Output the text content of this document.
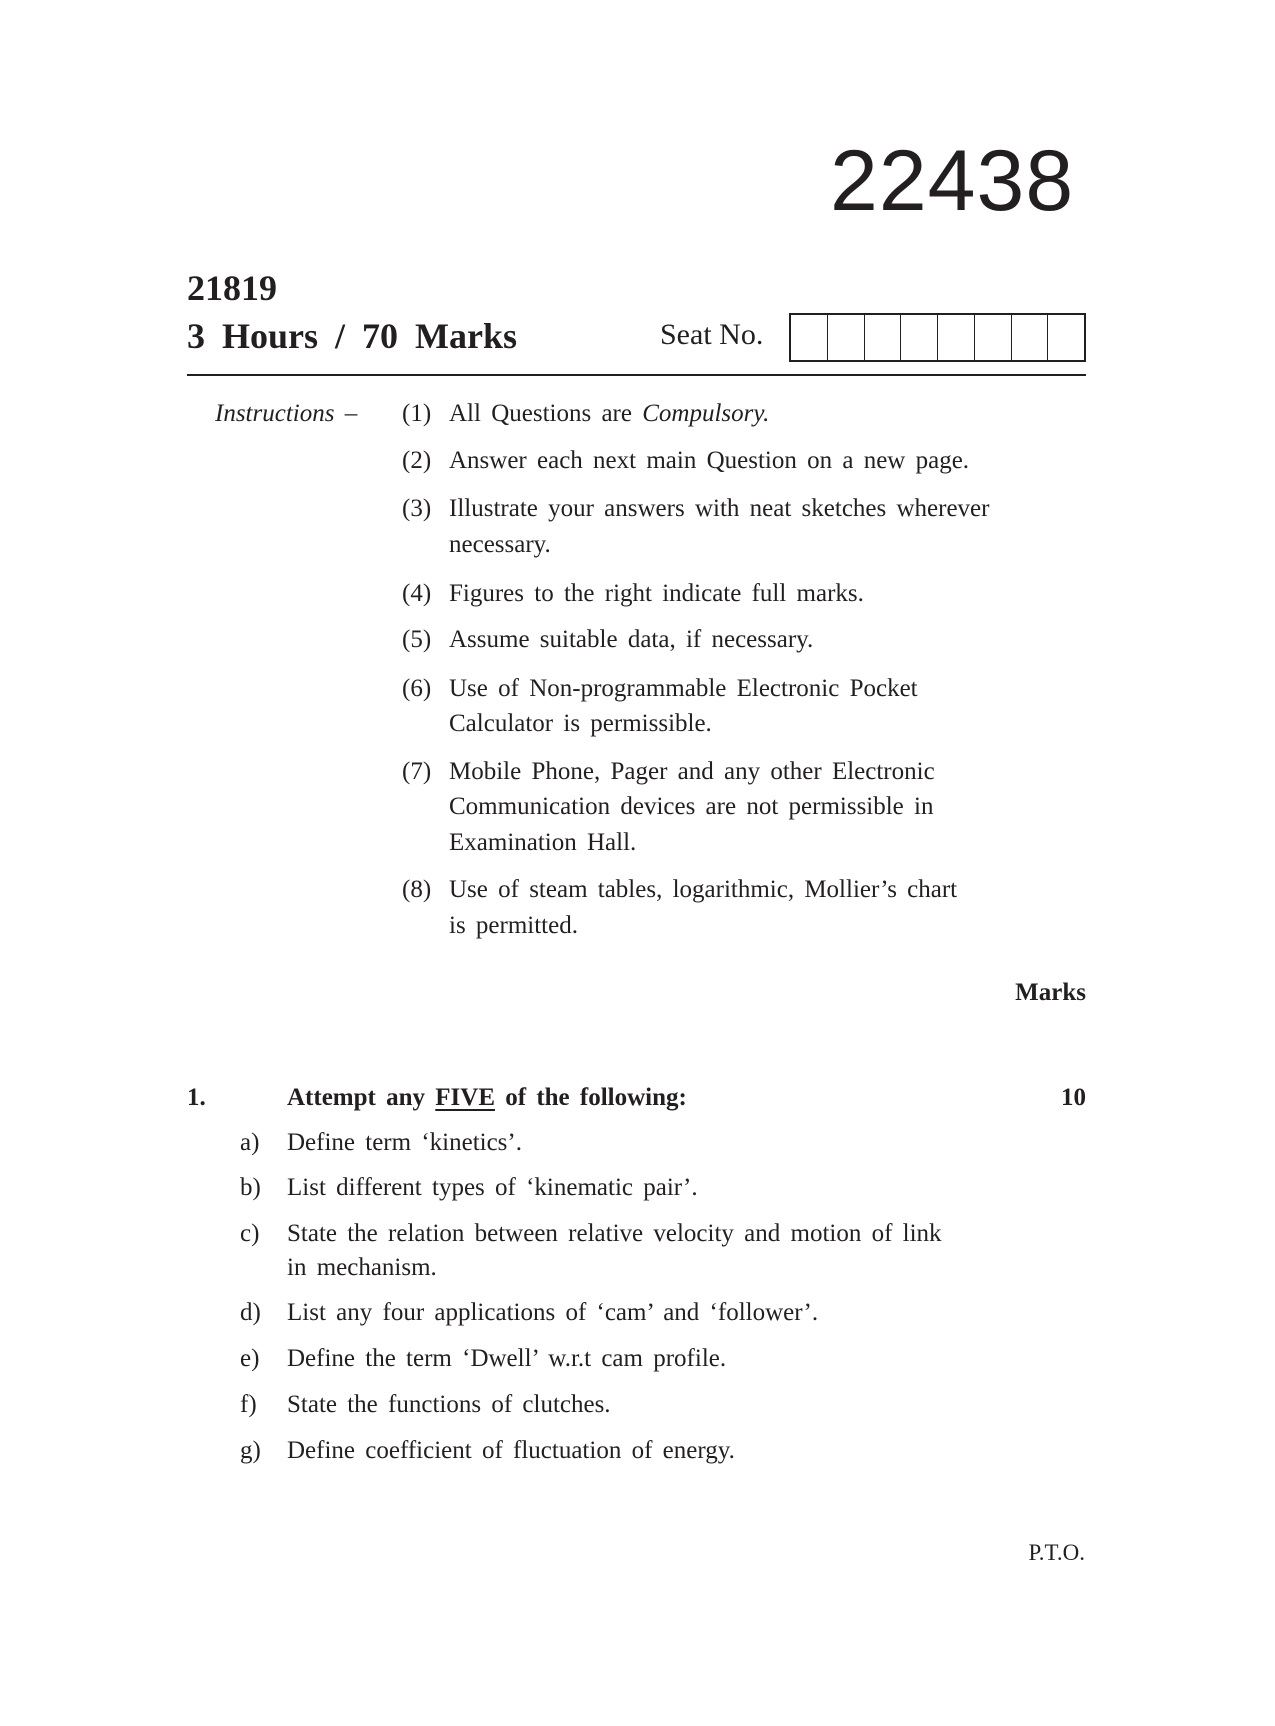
22438
21819
3 Hours / 70 Marks	Seat No.
Instructions – (1) All Questions are Compulsory.
(2) Answer each next main Question on a new page.
(3) Illustrate your answers with neat sketches wherever
necessary.
(4) Figures to the right indicate full marks.
(5) Assume suitable data, if necessary.
(6) Use of Non-programmable Electronic Pocket
Calculator is permissible.
(7) Mobile Phone, Pager and any other Electronic
Communication devices are not permissible in
Examination Hall.
(8) Use of steam tables, logarithmic, Mollier’s chart
is permitted.
Marks
1.	Attempt any FIVE of the following:	10
a) Define term ‘kinetics’.
b) List different types of ‘kinematic pair’.
c) State the relation between relative velocity and motion of link
in mechanism.
d) List any four applications of ‘cam’ and ‘follower’.
e) Define the term ‘Dwell’ w.r.t cam profile.
f) State the functions of clutches.
g) Define coefficient of fluctuation of energy.
P.T.O.
